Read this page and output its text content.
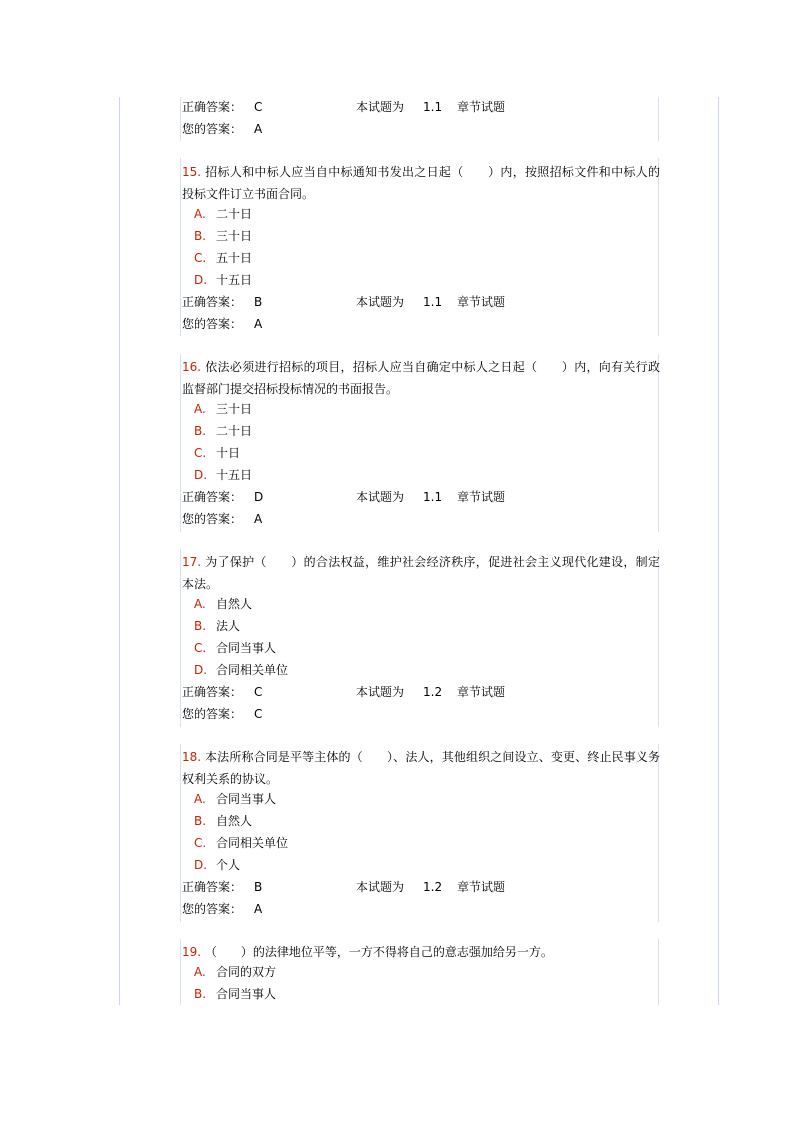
正确答案： C	本试题为 1.1 章节试题
您的答案： A
15. 招标人和中标人应当自中标通知书发出之日起（　　）内，按照招标文件和中标人的投标文件订立书面合同。
A. 二十日
B. 三十日
C. 五十日
D. 十五日
正确答案： B	本试题为 1.1 章节试题
您的答案： A
16. 依法必须进行招标的项目，招标人应当自确定中标人之日起（　　）内，向有关行政监督部门提交招标投标情况的书面报告。
A. 三十日
B. 二十日
C. 十日
D. 十五日
正确答案： D	本试题为 1.1 章节试题
您的答案： A
17. 为了保护（　　）的合法权益，维护社会经济秩序，促进社会主义现代化建设，制定本法。
A. 自然人
B. 法人
C. 合同当事人
D. 合同相关单位
正确答案： C	本试题为 1.2 章节试题
您的答案： C
18. 本法所称合同是平等主体的（　　）、法人，其他组织之间设立、变更、终止民事义务权利关系的协议。
A. 合同当事人
B. 自然人
C. 合同相关单位
D. 个人
正确答案： B	本试题为 1.2 章节试题
您的答案： A
19. （　　）的法律地位平等，一方不得将自己的意志强加给另一方。
A. 合同的双方
B. 合同当事人
